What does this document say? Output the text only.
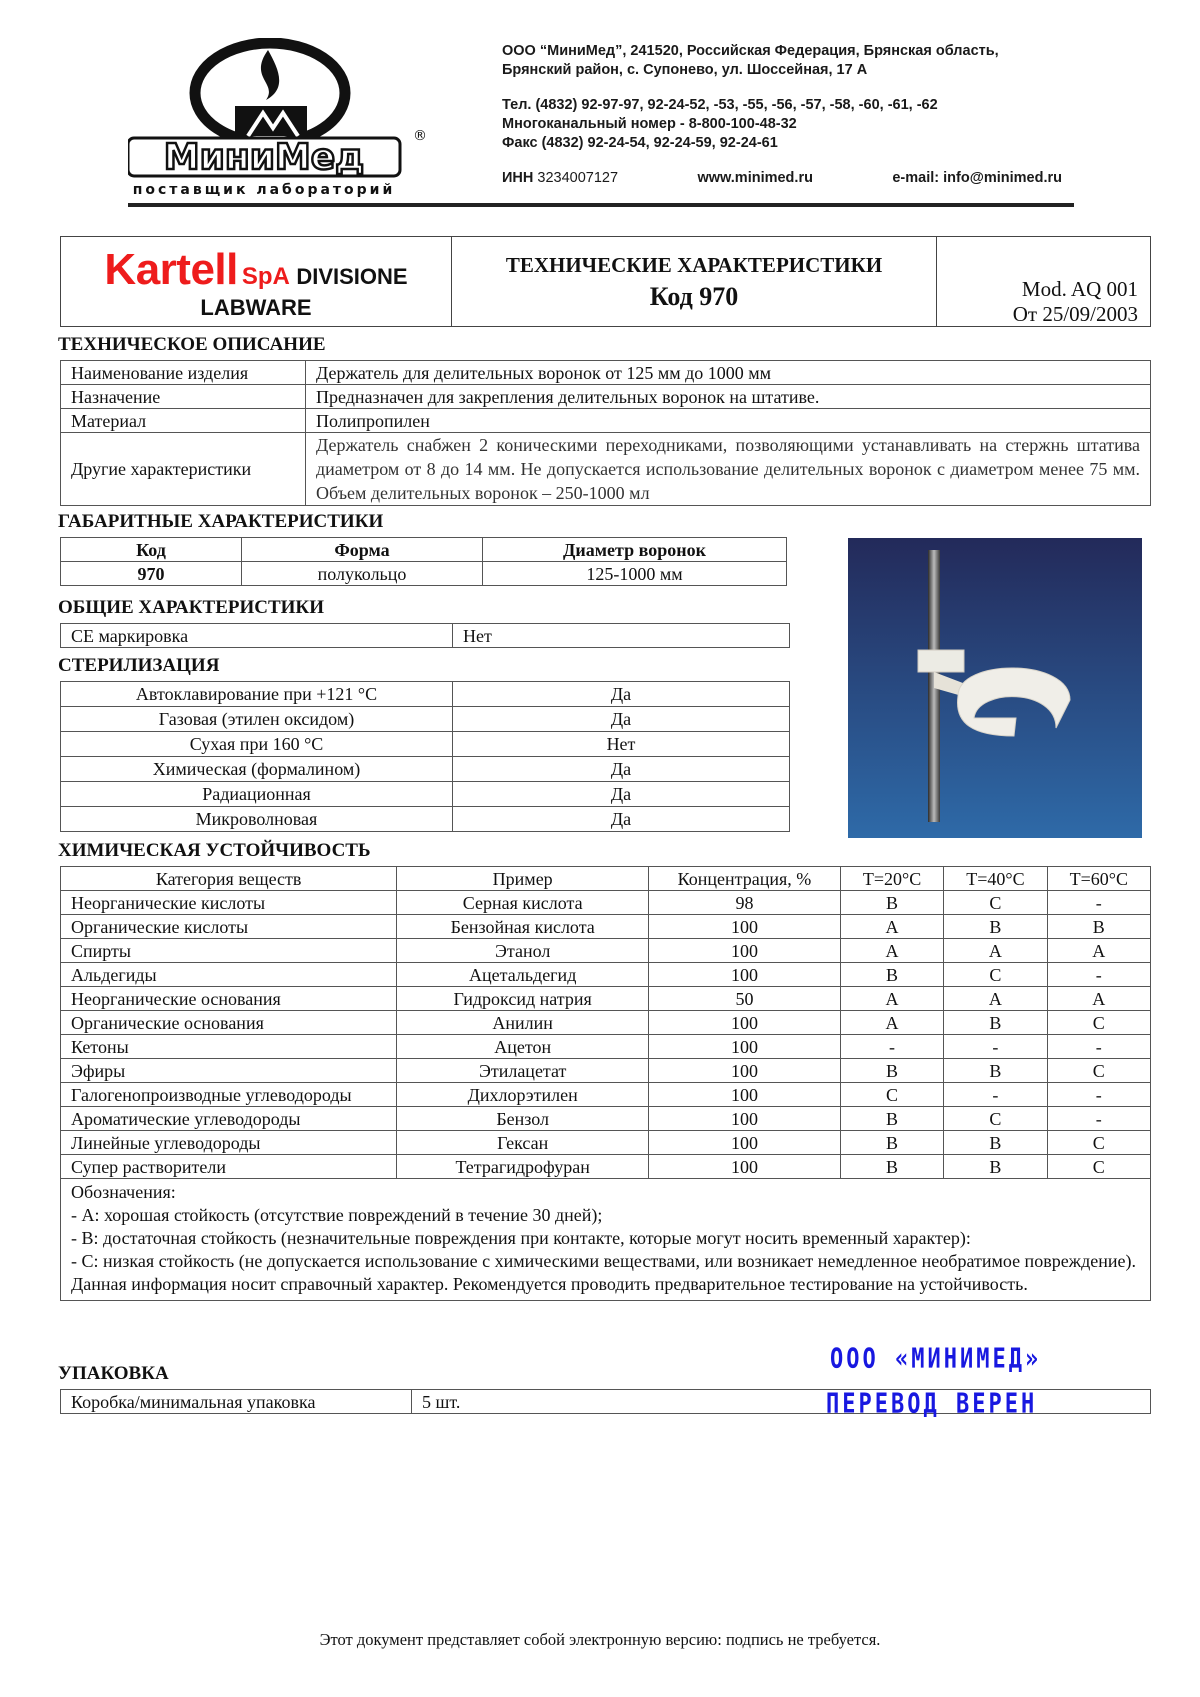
МиниМед
®
поставщик лабораторий
ООО “МиниМед”, 241520, Российская Федерация, Брянская область,
Брянский район, с. Супонево, ул. Шоссейная, 17 А
Тел. (4832) 92-97-97, 92-24-52, -53, -55, -56, -57, -58, -60, -61, -62
Многоканальный номер - 8-800-100-48-32
Факс (4832) 92-24-54, 92-24-59, 92-24-61
ИНН 3234007127	www.minimed.ru	e-mail: info@minimed.ru
Kartell SpA DIVISIONE
LABWARE
ТЕХНИЧЕСКИЕ ХАРАКТЕРИСТИКИ
Код 970	Mod. AQ 001
От 25/09/2003
ТЕХНИЧЕСКОЕ ОПИСАНИЕ
Наименование изделия	Держатель для делительных воронок от 125 мм до 1000 мм
Назначение	Предназначен для закрепления делительных воронок на штативе.
Материал	Полипропилен
Другие характеристики	Держатель снабжен 2 коническими переходниками, позволяющими устанавливать на стержнь штатива диаметром от 8 до 14 мм. Не допускается использование делительных воронок с диаметром менее 75 мм. Объем делительных воронок – 250-1000 мл
ГАБАРИТНЫЕ ХАРАКТЕРИСТИКИ
Код	Форма	Диаметр воронок
970	полукольцо	125-1000 мм
ОБЩИЕ ХАРАКТЕРИСТИКИ
СЕ маркировка	Нет
СТЕРИЛИЗАЦИЯ
Автоклавирование при +121 °С	Да
Газовая (этилен оксидом)	Да
Сухая при 160 °С	Нет
Химическая (формалином)	Да
Радиационная	Да
Микроволновая	Да
ХИМИЧЕСКАЯ УСТОЙЧИВОСТЬ
Категория веществ	Пример	Концентрация, %	T=20°C	T=40°C	T=60°C
Неорганические кислоты	Серная кислота	98	B	C	-
Органические кислоты	Бензойная кислота	100	A	B	B
Спирты	Этанол	100	A	A	A
Альдегиды	Ацетальдегид	100	B	C	-
Неорганические основания	Гидроксид натрия	50	A	A	A
Органические основания	Анилин	100	A	B	C
Кетоны	Ацетон	100	-	-	-
Эфиры	Этилацетат	100	B	B	C
Галогенопроизводные углеводороды	Дихлорэтилен	100	C	-	-
Ароматические углеводороды	Бензол	100	B	C	-
Линейные углеводороды	Гексан	100	B	B	C
Супер растворители	Тетрагидрофуран	100	B	B	C

Обозначения:
- А: хорошая стойкость (отсутствие повреждений в течение 30 дней);
- В: достаточная стойкость (незначительные повреждения при контакте, которые могут носить временный характер):
- С: низкая стойкость (не допускается использование с химическими веществами, или возникает немедленное необратимое повреждение).
Данная информация носит справочный характер. Рекомендуется проводить предварительное тестирование на устойчивость.					
УПАКОВКА
Коробка/минимальная упаковка	5 шт.
ООО «МИНИМЕД»
ПЕРЕВОД ВЕРЕН
Этот документ представляет собой электронную версию: подпись не требуется.
